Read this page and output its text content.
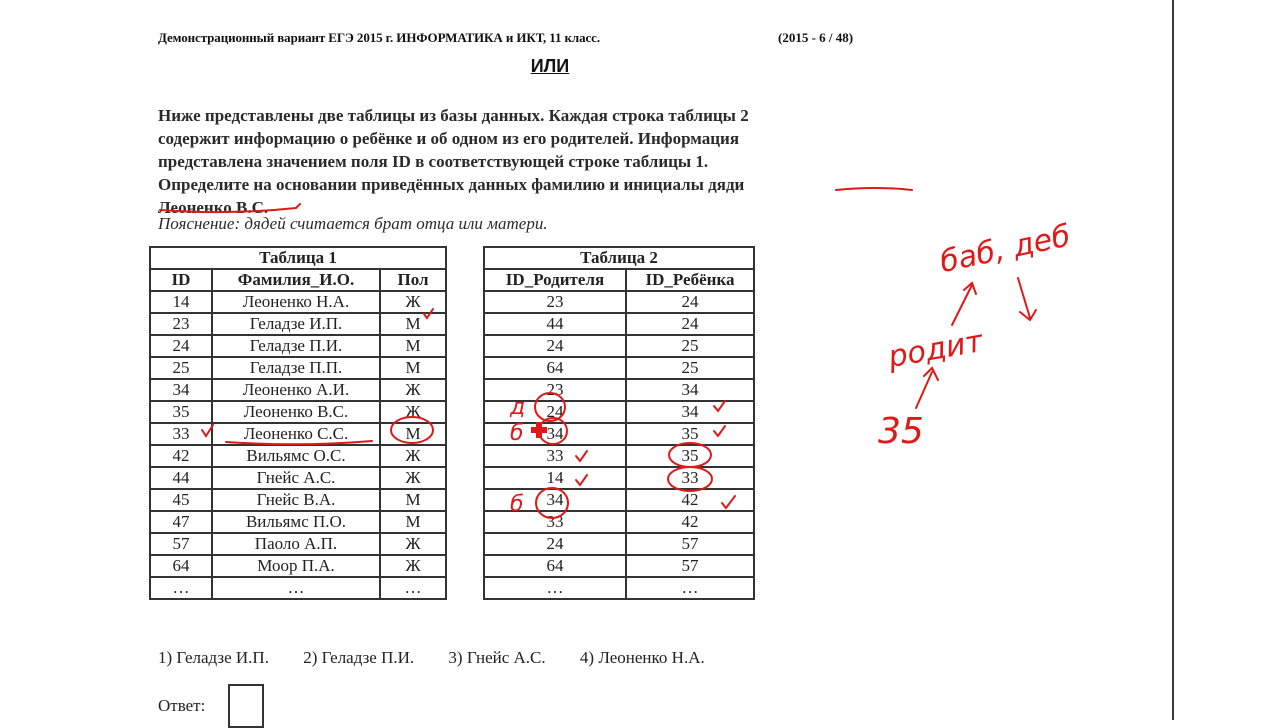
Демонстрационный вариант ЕГЭ 2015 г. ИНФОРМАТИКА и ИКТ, 11 класс.	(2015 - 6 / 48)
ИЛИ
Ниже представлены две таблицы из базы данных. Каждая строка таблицы 2
содержит информацию о ребёнке и об одном из его родителей. Информация
представлена значением поля ID в соответствующей строке таблицы 1.
Определите на основании приведённых данных фамилию и инициалы дяди
Леоненко В.С.
Пояснение: дядей считается брат отца или матери.
Таблица 1		
ID	Фамилия_И.О.	Пол
14	Леоненко Н.А.	Ж
23	Геладзе И.П.	М
24	Геладзе П.И.	М
25	Геладзе П.П.	М
34	Леоненко А.И.	Ж
35	Леоненко В.С.	Ж
33	Леоненко С.С.	М
42	Вильямс О.С.	Ж
44	Гнейс А.С.	Ж
45	Гнейс В.А.	М
47	Вильямс П.О.	М
57	Паоло А.П.	Ж
64	Моор П.А.	Ж
…	…	…
Таблица 2	
ID_Родителя	ID_Ребёнка
23	24
44	24
24	25
64	25
23	34
24	34
34	35
33	35
14	33
34	42
33	42
24	57
64	57
…	…
1) Геладзе И.П. 2) Геладзе П.И. 3) Гнейс А.С. 4) Леоненко Н.А.
Ответ:
баб, деб
родит
35
д
б
б
